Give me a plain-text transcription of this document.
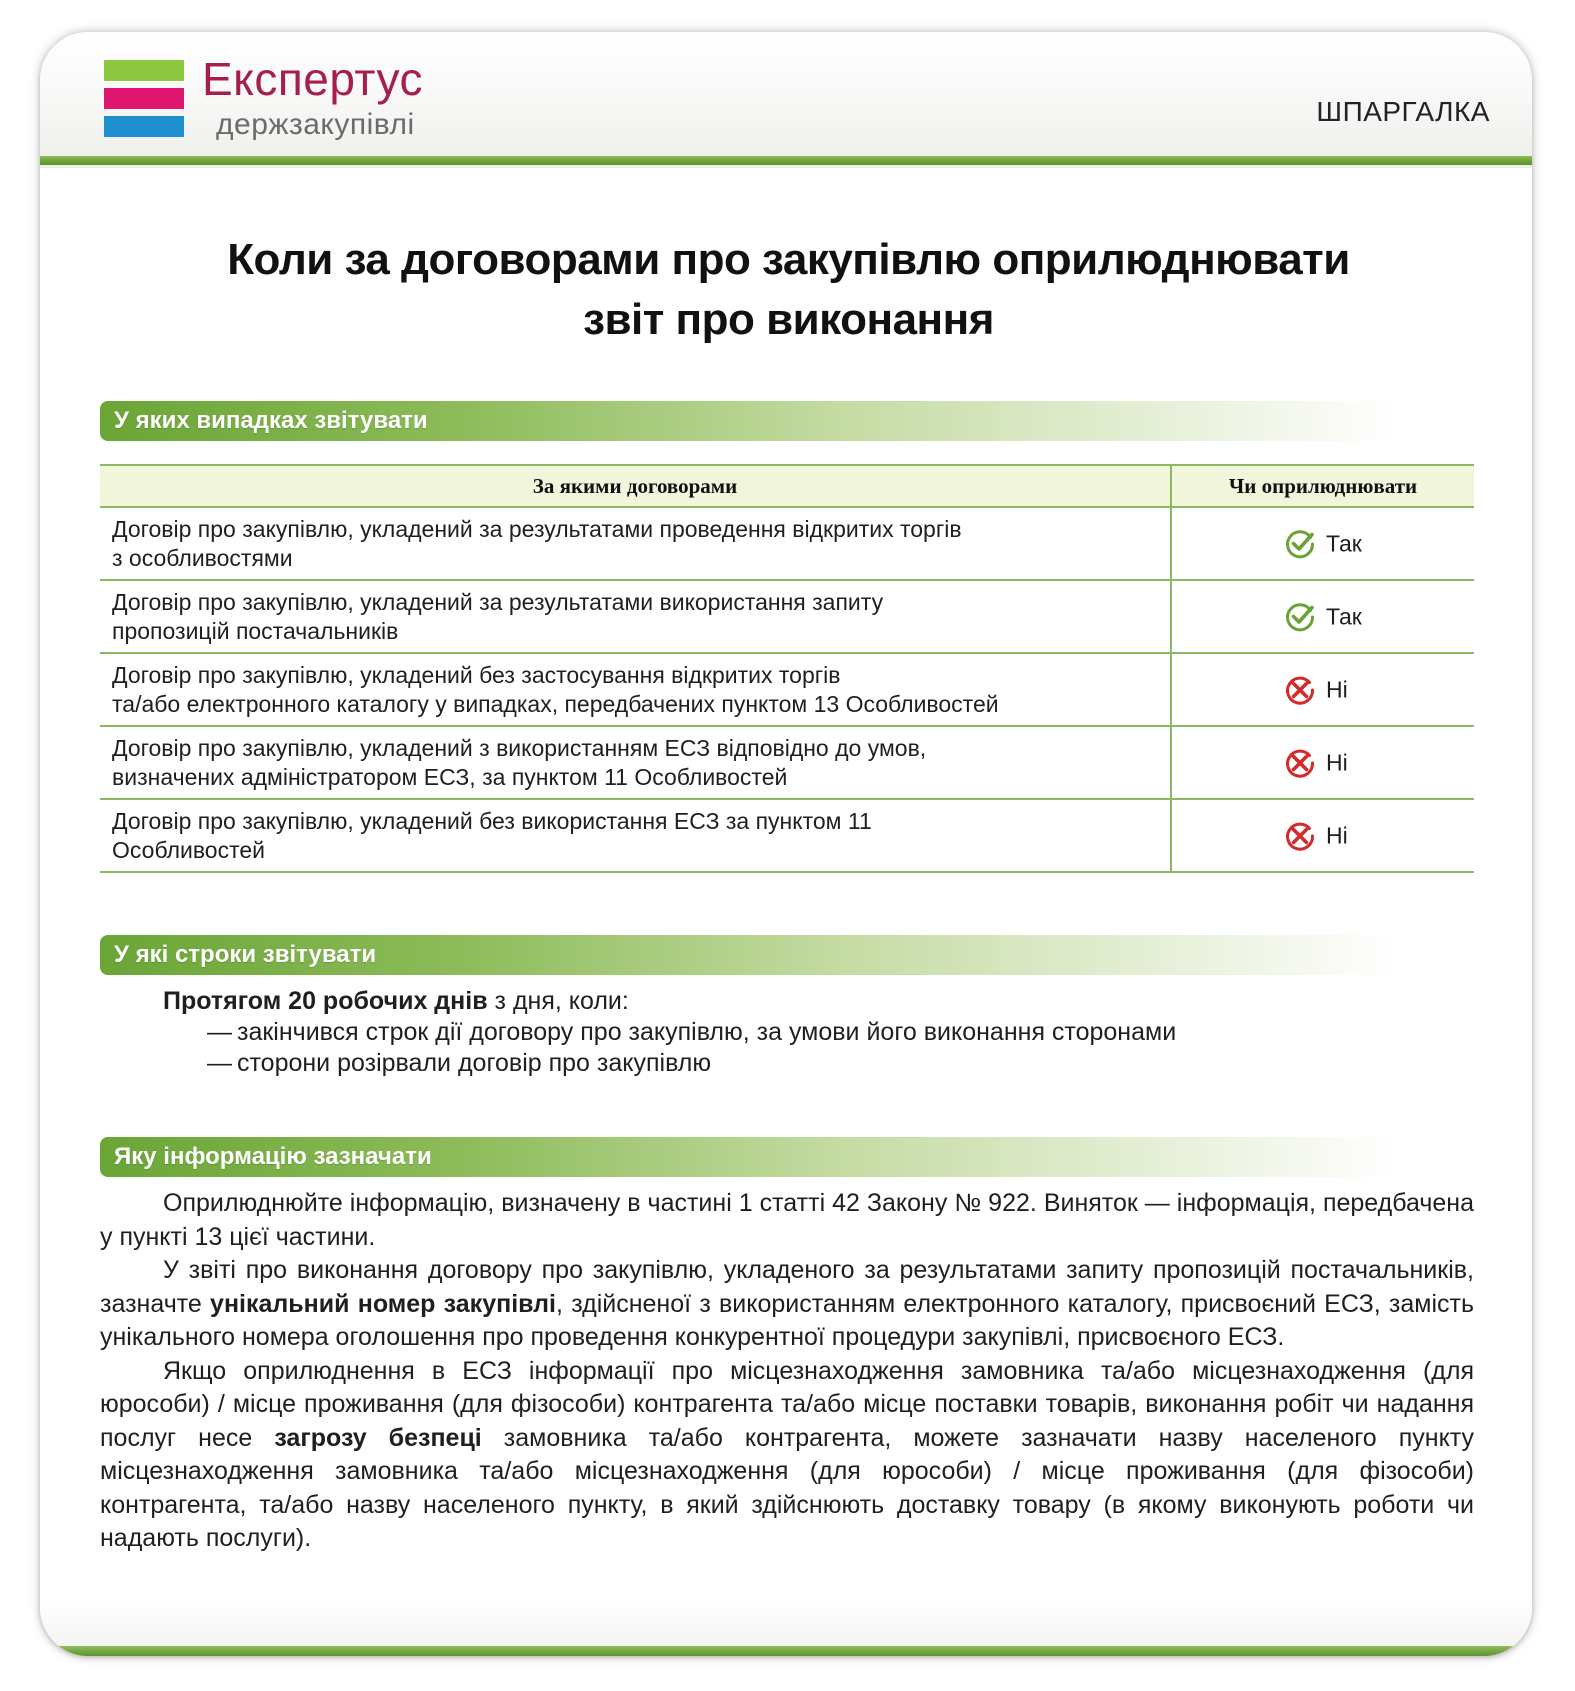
Експертус
держзакупівлі	ШПАРГАЛКА
Коли за договорами про закупівлю оприлюднювати
звіт про виконання
У яких випадках звітувати
За якими договорами	Чи оприлюднювати

Договір про закупівлю, укладений за результатами проведення відкритих торгів
з особливостями	Так

Договір про закупівлю, укладений за результатами використання запиту
пропозицій постачальників	Так

Договір про закупівлю, укладений без застосування відкритих торгів
та/або електронного каталогу у випадках, передбачених пунктом 13 Особливостей	Ні

Договір про закупівлю, укладений з використанням ЕСЗ відповідно до умов,
визначених адміністратором ЕСЗ, за пунктом 11 Особливостей	Ні

Договір про закупівлю, укладений без використання ЕСЗ за пунктом 11
Особливостей	Ні
У які строки звітувати
Протягом 20 робочих днів з дня, коли:
— закінчився строк дії договору про закупівлю, за умови його виконання сторонами
— сторони розірвали договір про закупівлю
Яку інформацію зазначати

Оприлюднюйте інформацію, визначену в частині 1 статті 42 Закону № 922. Виняток — інформація, передбачена у пункті 13 цієї частини.

У звіті про виконання договору про закупівлю, укладеного за результатами запиту пропозицій постачальників, зазначте унікальний номер закупівлі, здійсненої з використанням електронного каталогу, присвоєний ЕСЗ, замість унікального номера оголошення про проведення конкурентної процедури закупівлі, присвоєного ЕСЗ.

Якщо оприлюднення в ЕСЗ інформації про місцезнаходження замовника та/або місцезнаходження (для юрособи) / місце проживання (для фізособи) контрагента та/або місце поставки товарів, виконання робіт чи надання послуг несе загрозу безпеці замовника та/або контрагента, можете зазначати назву населеного пункту місцезнаходження замовника та/або місцезнаходження (для юрособи) / місце проживання (для фізособи) контрагента, та/або назву населеного пункту, в який здійснюють доставку товару (в якому виконують роботи чи надають послуги).
